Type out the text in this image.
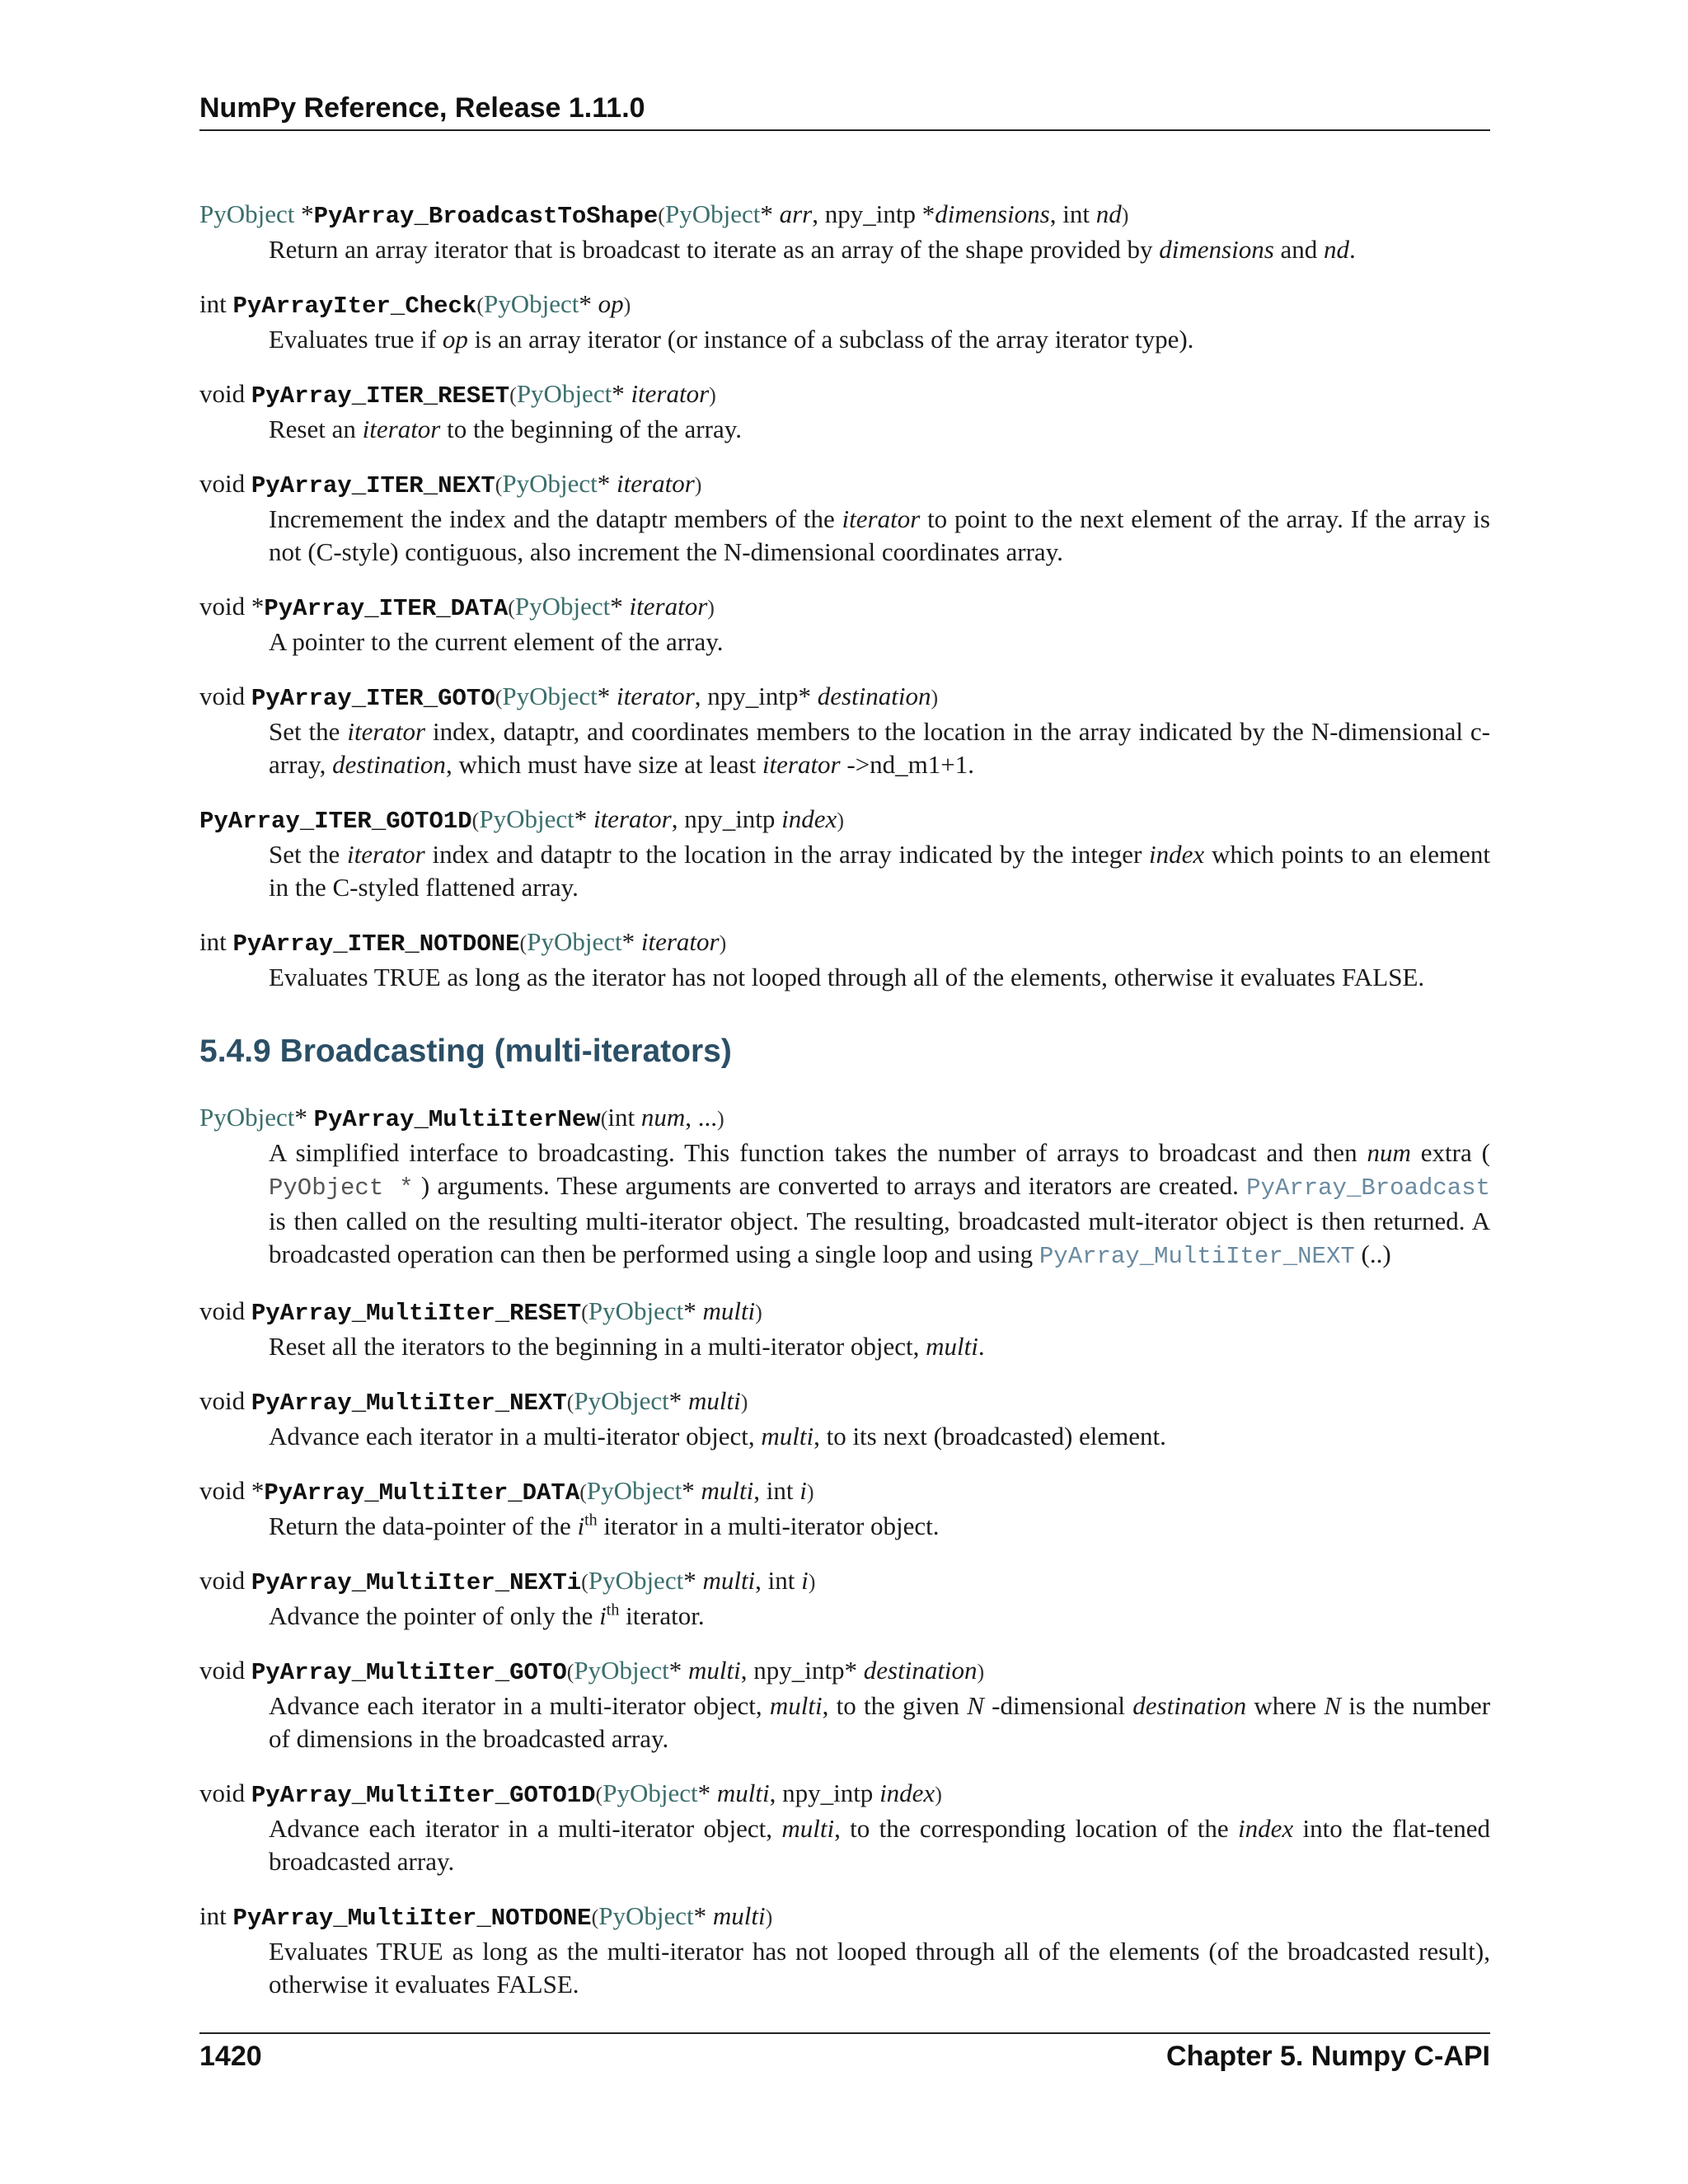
NumPy Reference, Release 1.11.0
PyObject *PyArray_BroadcastToShape(PyObject* arr, npy_intp *dimensions, int nd)
Return an array iterator that is broadcast to iterate as an array of the shape provided by dimensions and nd.
int PyArrayIter_Check(PyObject* op)
Evaluates true if op is an array iterator (or instance of a subclass of the array iterator type).
void PyArray_ITER_RESET(PyObject* iterator)
Reset an iterator to the beginning of the array.
void PyArray_ITER_NEXT(PyObject* iterator)
Incremement the index and the dataptr members of the iterator to point to the next element of the array. If the array is not (C-style) contiguous, also increment the N-dimensional coordinates array.
void *PyArray_ITER_DATA(PyObject* iterator)
A pointer to the current element of the array.
void PyArray_ITER_GOTO(PyObject* iterator, npy_intp* destination)
Set the iterator index, dataptr, and coordinates members to the location in the array indicated by the N-dimensional c-array, destination, which must have size at least iterator ->nd_m1+1.
PyArray_ITER_GOTO1D(PyObject* iterator, npy_intp index)
Set the iterator index and dataptr to the location in the array indicated by the integer index which points to an element in the C-styled flattened array.
int PyArray_ITER_NOTDONE(PyObject* iterator)
Evaluates TRUE as long as the iterator has not looped through all of the elements, otherwise it evaluates FALSE.
5.4.9 Broadcasting (multi-iterators)
PyObject* PyArray_MultiIterNew(int num, ...)
A simplified interface to broadcasting. This function takes the number of arrays to broadcast and then num extra ( PyObject * ) arguments. These arguments are converted to arrays and iterators are created. PyArray_Broadcast is then called on the resulting multi-iterator object. The resulting, broadcasted mult-iterator object is then returned. A broadcasted operation can then be performed using a single loop and using PyArray_MultiIter_NEXT (..)
void PyArray_MultiIter_RESET(PyObject* multi)
Reset all the iterators to the beginning in a multi-iterator object, multi.
void PyArray_MultiIter_NEXT(PyObject* multi)
Advance each iterator in a multi-iterator object, multi, to its next (broadcasted) element.
void *PyArray_MultiIter_DATA(PyObject* multi, int i)
Return the data-pointer of the $i^{th}$ iterator in a multi-iterator object.
void PyArray_MultiIter_NEXTi(PyObject* multi, int i)
Advance the pointer of only the $i^{th}$ iterator.
void PyArray_MultiIter_GOTO(PyObject* multi, npy_intp* destination)
Advance each iterator in a multi-iterator object, multi, to the given N -dimensional destination where N is the number of dimensions in the broadcasted array.
void PyArray_MultiIter_GOTO1D(PyObject* multi, npy_intp index)
Advance each iterator in a multi-iterator object, multi, to the corresponding location of the index into the flat-tened broadcasted array.
int PyArray_MultiIter_NOTDONE(PyObject* multi)
Evaluates TRUE as long as the multi-iterator has not looped through all of the elements (of the broadcasted result), otherwise it evaluates FALSE.
1420	Chapter 5. Numpy C-API
